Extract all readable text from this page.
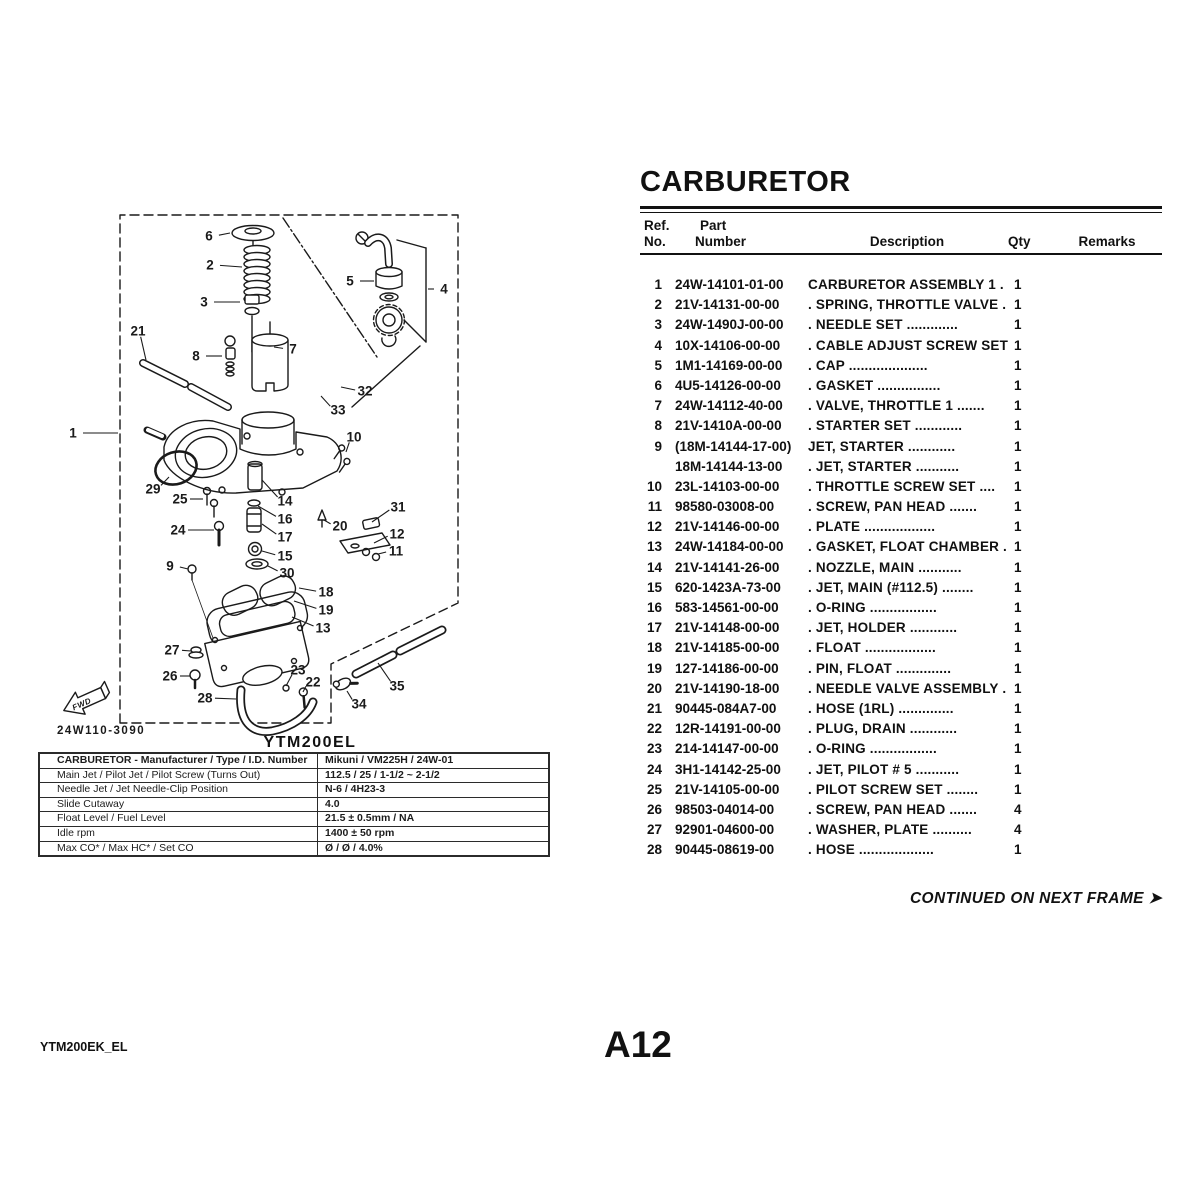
FWD
1
6
2
3
5
4
21
8	7
32
33
10
29
25
24
14
16
17
15
30
20
31
12
11
9
18
19
13
27
26	23
22
28	34
35
24W110-3090
YTM200EL
CARBURETOR - Manufacturer / Type / I.D. Number	Mikuni / VM225H / 24W-01
Main Jet / Pilot Jet / Pilot Screw (Turns Out)	112.5 / 25 / 1-1/2 ~ 2-1/2
Needle Jet / Jet Needle-Clip Position	N-6 / 4H23-3
Slide Cutaway	4.0
Float Level / Fuel Level	21.5 ± 0.5mm / NA
Idle rpm	1400 ± 50 rpm
Max CO* / Max HC* / Set CO	Ø / Ø / 4.0%
CARBURETOR
Ref.	Part
No.	Number	Description	Qty	Remarks
1 24W-14101-01-00	CARBURETOR ASSEMBLY 1 . 1
2 21V-14131-00-00	. SPRING, THROTTLE VALVE . 1
3 24W-1490J-00-00	. NEEDLE SET .............	1
4 10X-14106-00-00	. CABLE ADJUST SCREW SET 1
5 1M1-14169-00-00	. CAP ....................	1
6 4U5-14126-00-00	. GASKET ................	1
7 24W-14112-40-00	. VALVE, THROTTLE 1 .......	1
8 21V-1410A-00-00	. STARTER SET ............	1
9 (18M-14144-17-00)	JET, STARTER ............	1
18M-14144-13-00	. JET, STARTER ...........	1
10 23L-14103-00-00	. THROTTLE SCREW SET ....	1
11 98580-03008-00	. SCREW, PAN HEAD .......	1
12 21V-14146-00-00	. PLATE ..................	1
13 24W-14184-00-00	. GASKET, FLOAT CHAMBER . 1
14 21V-14141-26-00	. NOZZLE, MAIN ...........	1
15 620-1423A-73-00	. JET, MAIN (#112.5) ........	1
16 583-14561-00-00	. O-RING .................	1
17 21V-14148-00-00	. JET, HOLDER ............	1
18 21V-14185-00-00	. FLOAT ..................	1
19 127-14186-00-00	. PIN, FLOAT ..............	1
20 21V-14190-18-00	. NEEDLE VALVE ASSEMBLY . 1
21 90445-084A7-00	. HOSE (1RL) ..............	1
22 12R-14191-00-00	. PLUG, DRAIN ............	1
23 214-14147-00-00	. O-RING .................	1
24 3H1-14142-25-00	. JET, PILOT # 5 ...........	1
25 21V-14105-00-00	. PILOT SCREW SET ........	1
26 98503-04014-00	. SCREW, PAN HEAD .......	4
27 92901-04600-00	. WASHER, PLATE ..........	4
28 90445-08619-00	. HOSE ...................	1
CONTINUED ON NEXT FRAME ➤
YTM200EK_EL	A12
